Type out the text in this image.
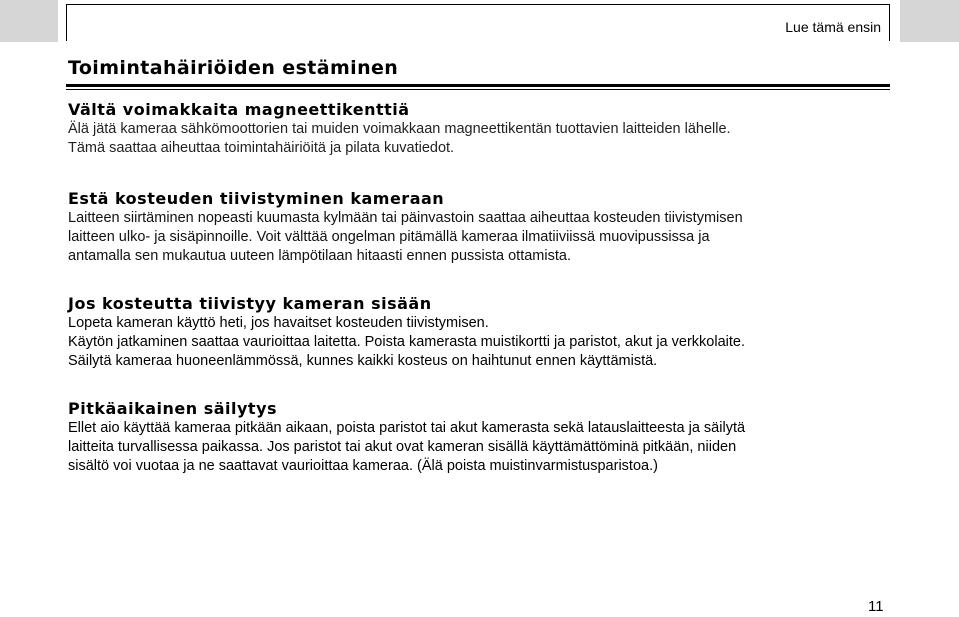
Lue tämä ensin
Toimintahäiriöiden estäminen
Vältä voimakkaita magneettikenttiä

Älä jätä kameraa sähkömoottorien tai muiden voimakkaan magneettikentän tuottavien laitteiden lähelle.

Tämä saattaa aiheuttaa toimintahäiriöitä ja pilata kuvatiedot.

Estä kosteuden tiivistyminen kameraan

Laitteen siirtäminen nopeasti kuumasta kylmään tai päinvastoin saattaa aiheuttaa kosteuden tiivistymisen

laitteen ulko- ja sisäpinnoille. Voit välttää ongelman pitämällä kameraa ilmatiiviissä muovipussissa ja

antamalla sen mukautua uuteen lämpötilaan hitaasti ennen pussista ottamista.

Jos kosteutta tiivistyy kameran sisään

Lopeta kameran käyttö heti, jos havaitset kosteuden tiivistymisen.

Käytön jatkaminen saattaa vaurioittaa laitetta. Poista kamerasta muistikortti ja paristot, akut ja verkkolaite.

Säilytä kameraa huoneenlämmössä, kunnes kaikki kosteus on haihtunut ennen käyttämistä.

Pitkäaikainen säilytys

Ellet aio käyttää kameraa pitkään aikaan, poista paristot tai akut kamerasta sekä latauslaitteesta ja säilytä

laitteita turvallisessa paikassa. Jos paristot tai akut ovat kameran sisällä käyttämättöminä pitkään, niiden

sisältö voi vuotaa ja ne saattavat vaurioittaa kameraa. (Älä poista muistinvarmistusparistoa.)

11
